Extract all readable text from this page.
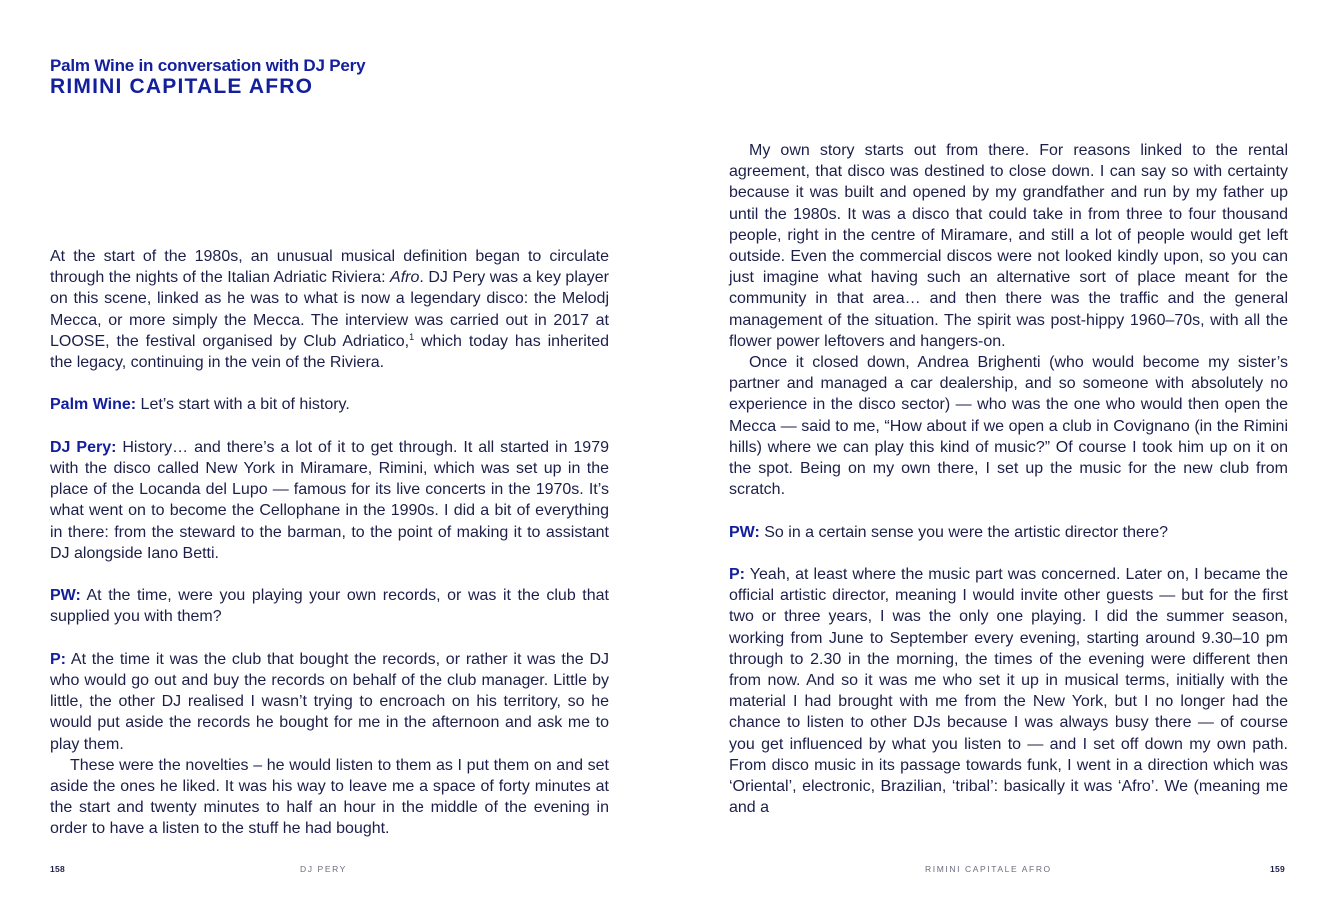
Palm Wine in conversation with DJ Pery
RIMINI CAPITALE AFRO

At the start of the 1980s, an unusual musical definition began to circulate through the nights of the Italian Adriatic Riviera: Afro. DJ Pery was a key player on this scene, linked as he was to what is now a legendary disco: the Melodj Mecca, or more simply the Mecca. The interview was carried out in 2017 at LOOSE, the festival organised by Club Adriatico,$^1$ which today has inherited the legacy, continuing in the vein of the Riviera.

Palm Wine: Let’s start with a bit of history.

DJ Pery: History… and there’s a lot of it to get through. It all started in 1979 with the disco called New York in Miramare, Rimini, which was set up in the place of the Locanda del Lupo — famous for its live concerts in the 1970s. It’s what went on to become the Cellophane in the 1990s. I did a bit of everything in there: from the steward to the barman, to the point of making it to assistant DJ alongside Iano Betti.

PW: At the time, were you playing your own records, or was it the club that supplied you with them?

P: At the time it was the club that bought the records, or rather it was the DJ who would go out and buy the records on behalf of the club manager. Little by little, the other DJ realised I wasn’t trying to encroach on his territory, so he would put aside the records he bought for me in the afternoon and ask me to play them.

These were the novelties – he would listen to them as I put them on and set aside the ones he liked. It was his way to leave me a space of forty minutes at the start and twenty minutes to half an hour in the middle of the evening in order to have a listen to the stuff he had bought.

158	DJ PERY

My own story starts out from there. For reasons linked to the rental agreement, that disco was destined to close down. I can say so with certainty because it was built and opened by my grandfather and run by my father up until the 1980s. It was a disco that could take in from three to four thousand people, right in the centre of Miramare, and still a lot of people would get left outside. Even the commercial discos were not looked kindly upon, so you can just imagine what having such an alternative sort of place meant for the community in that area… and then there was the traffic and the general management of the situation. The spirit was post-hippy 1960–70s, with all the flower power leftovers and hangers-on.

Once it closed down, Andrea Brighenti (who would become my sister’s partner and managed a car dealership, and so someone with absolutely no experience in the disco sector) — who was the one who would then open the Mecca — said to me, “How about if we open a club in Covignano (in the Rimini hills) where we can play this kind of music?” Of course I took him up on it on the spot. Being on my own there, I set up the music for the new club from scratch.

PW: So in a certain sense you were the artistic director there?

P: Yeah, at least where the music part was concerned. Later on, I became the official artistic director, meaning I would invite other guests — but for the first two or three years, I was the only one playing. I did the summer season, working from June to September every evening, starting around 9.30–10 pm through to 2.30 in the morning, the times of the evening were different then from now. And so it was me who set it up in musical terms, initially with the material I had brought with me from the New York, but I no longer had the chance to listen to other DJs because I was always busy there — of course you get influenced by what you listen to — and I set off down my own path. From disco music in its passage towards funk, I went in a direction which was ‘Oriental’, electronic, Brazilian, ‘tribal’: basically it was ‘Afro’. We (meaning me and a

RIMINI CAPITALE AFRO	159
